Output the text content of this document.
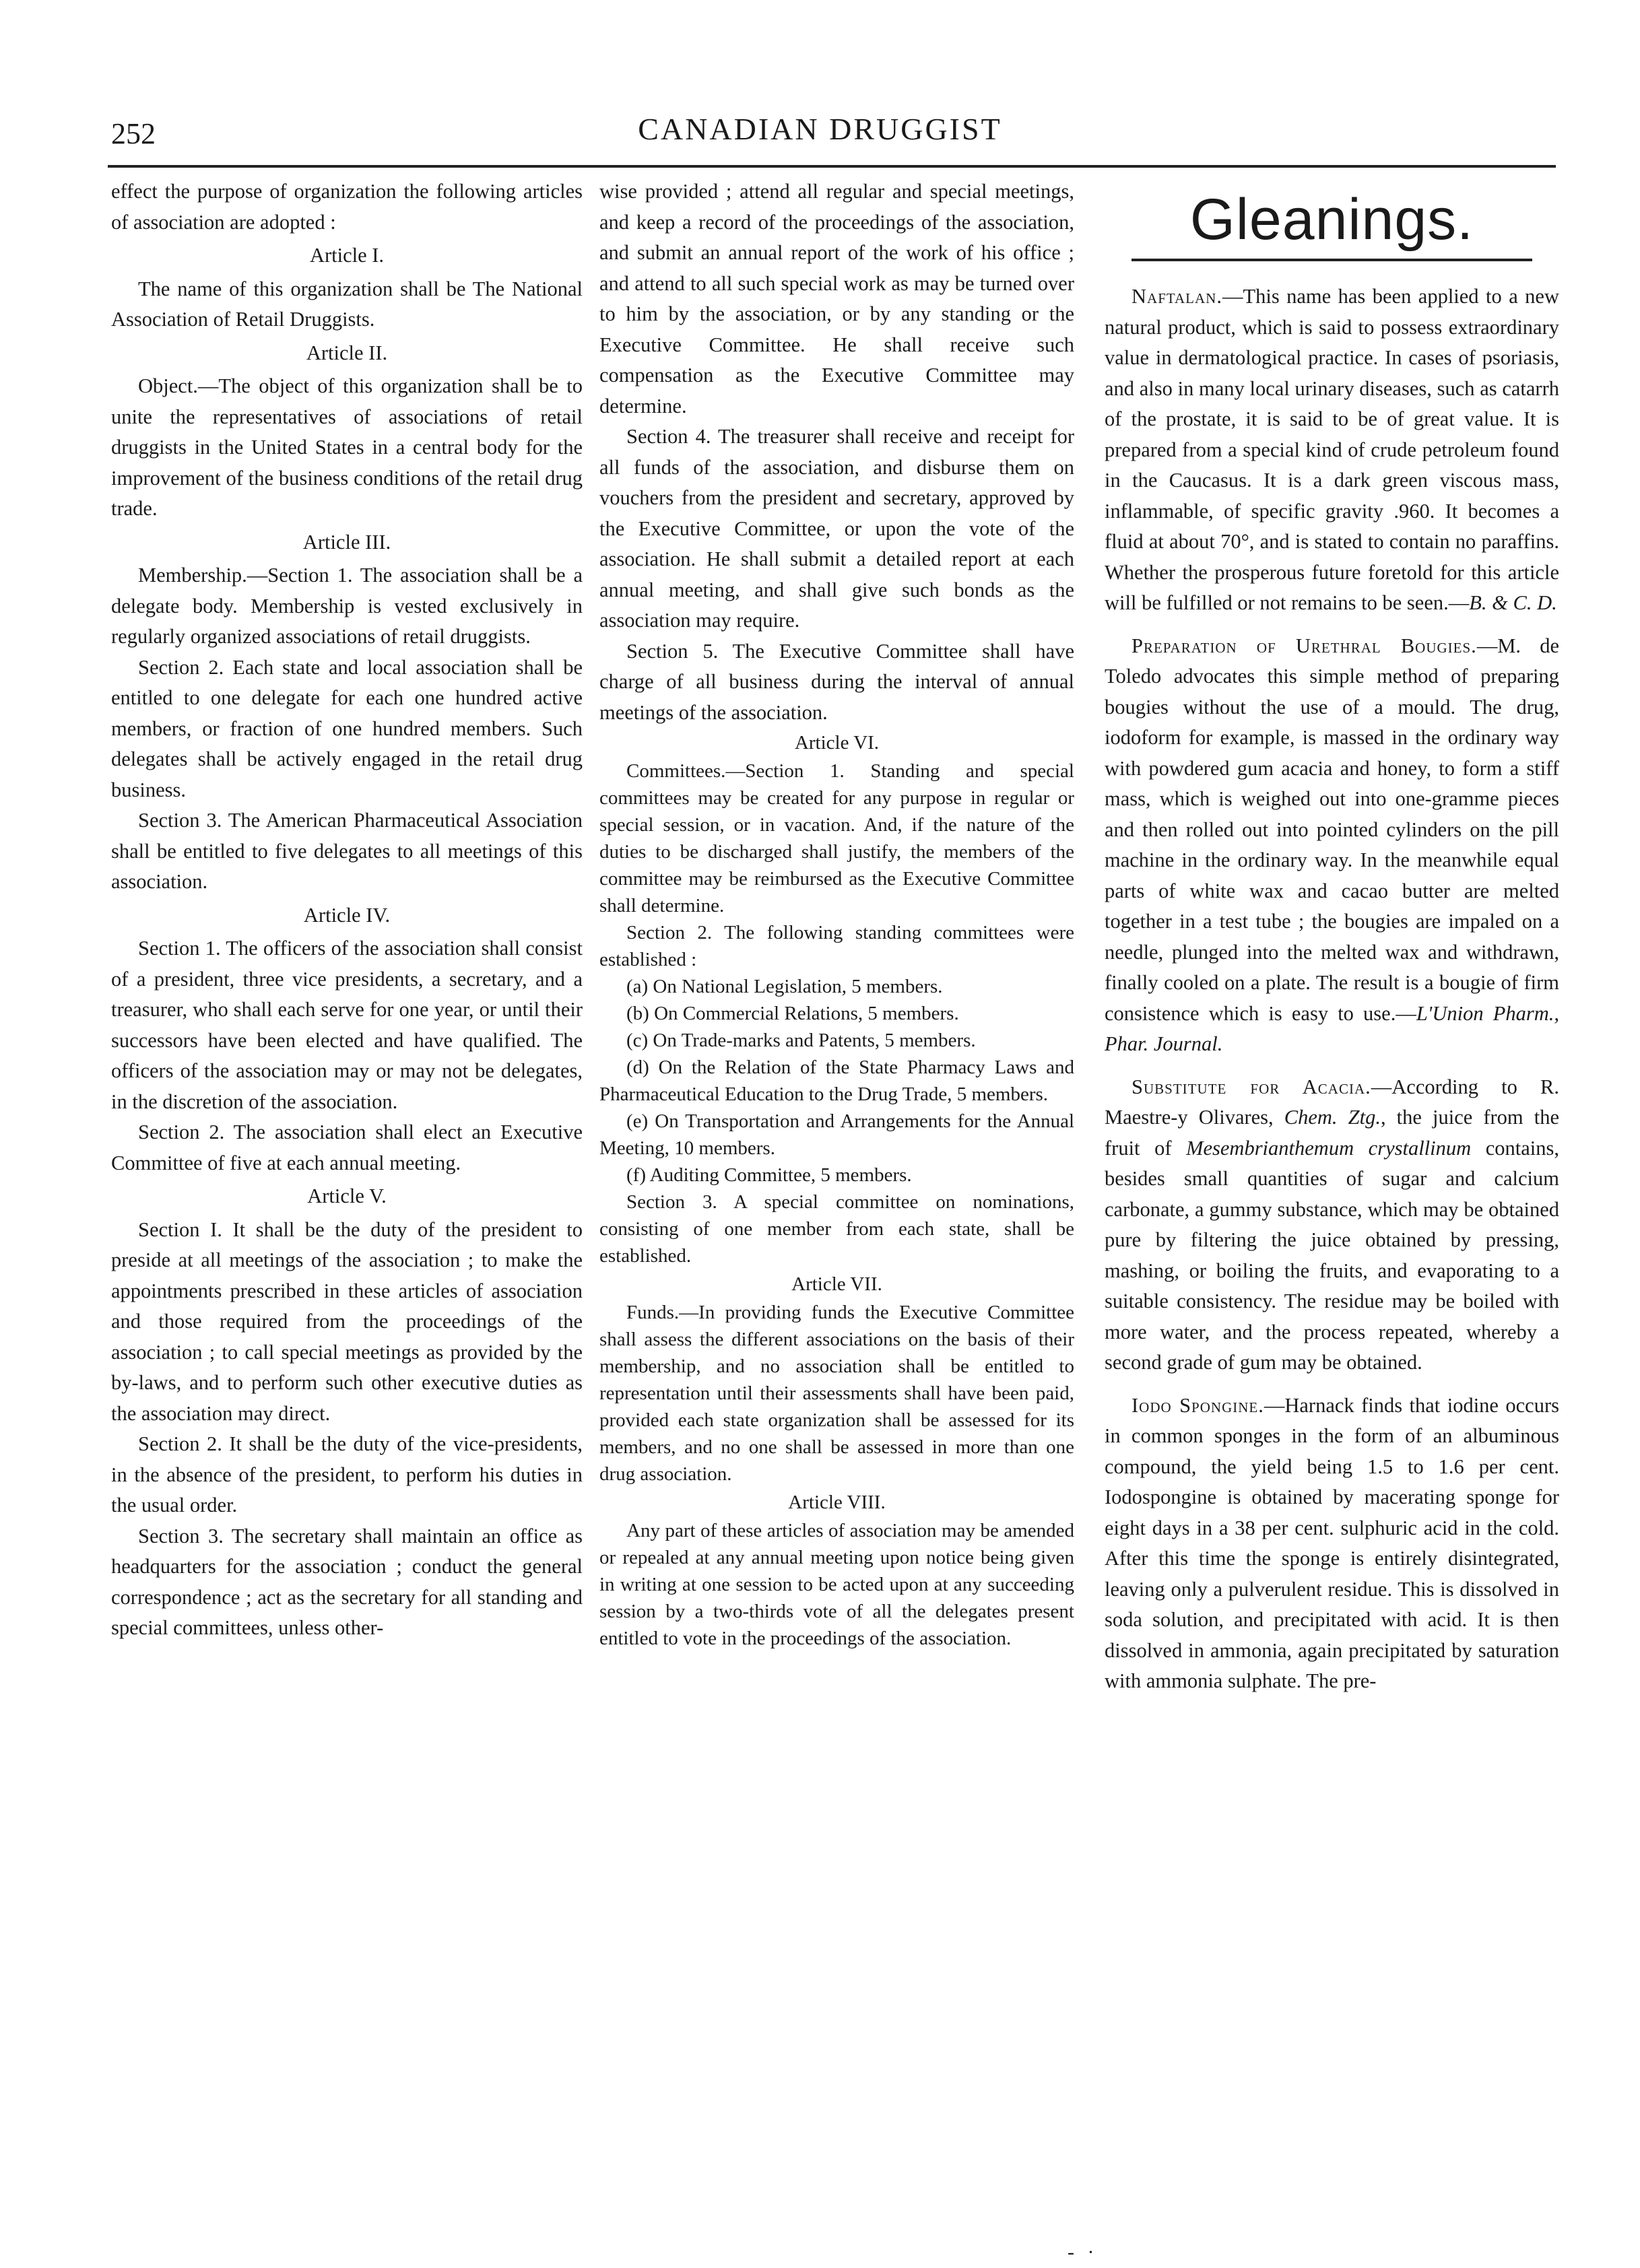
252	CANADIAN DRUGGIST

effect the purpose of organization the following articles of association are adopted :

Article I.

The name of this organization shall be The National Association of Retail Druggists.

Article II.

Object.—The object of this organization shall be to unite the representatives of associations of retail druggists in the United States in a central body for the improvement of the business conditions of the retail drug trade.

Article III.

Membership.—Section 1. The association shall be a delegate body. Membership is vested exclusively in regularly organized associations of retail druggists.

Section 2. Each state and local association shall be entitled to one delegate for each one hundred active members, or fraction of one hundred members. Such delegates shall be actively engaged in the retail drug business.

Section 3. The American Pharmaceutical Association shall be entitled to five delegates to all meetings of this association.

Article IV.

Section 1. The officers of the association shall consist of a president, three vice presidents, a secretary, and a treasurer, who shall each serve for one year, or until their successors have been elected and have qualified. The officers of the association may or may not be delegates, in the discretion of the association.

Section 2. The association shall elect an Executive Committee of five at each annual meeting.

Article V.

Section I. It shall be the duty of the president to preside at all meetings of the association ; to make the appointments prescribed in these articles of association and those required from the proceedings of the association ; to call special meetings as provided by the by-laws, and to perform such other executive duties as the association may direct.

Section 2. It shall be the duty of the vice-presidents, in the absence of the president, to perform his duties in the usual order.

Section 3. The secretary shall maintain an office as headquarters for the association ; conduct the general correspondence ; act as the secretary for all standing and special committees, unless other-

wise provided ; attend all regular and special meetings, and keep a record of the proceedings of the association, and submit an annual report of the work of his office ; and attend to all such special work as may be turned over to him by the association, or by any standing or the Executive Committee. He shall receive such compensation as the Executive Committee may determine.

Section 4. The treasurer shall receive and receipt for all funds of the association, and disburse them on vouchers from the president and secretary, approved by the Executive Committee, or upon the vote of the association. He shall submit a detailed report at each annual meeting, and shall give such bonds as the association may require.

Section 5. The Executive Committee shall have charge of all business during the interval of annual meetings of the association.

Article VI.

Committees.—Section 1. Standing and special committees may be created for any purpose in regular or special session, or in vacation. And, if the nature of the duties to be discharged shall justify, the members of the committee may be reimbursed as the Executive Committee shall determine.

Section 2. The following standing committees were established :

(a) On National Legislation, 5 members.

(b) On Commercial Relations, 5 members.

(c) On Trade-marks and Patents, 5 members.

(d) On the Relation of the State Pharmacy Laws and Pharmaceutical Education to the Drug Trade, 5 members.

(e) On Transportation and Arrangements for the Annual Meeting, 10 members.

(f) Auditing Committee, 5 members.

Section 3. A special committee on nominations, consisting of one member from each state, shall be established.

Article VII.

Funds.—In providing funds the Executive Committee shall assess the different associations on the basis of their membership, and no association shall be entitled to representation until their assessments shall have been paid, provided each state organization shall be assessed for its members, and no one shall be assessed in more than one drug association.

Article VIII.

Any part of these articles of association may be amended or repealed at any annual meeting upon notice being given in writing at one session to be acted upon at any succeeding session by a two-thirds vote of all the delegates present entitled to vote in the proceedings of the association.

Gleanings.

Naftalan.—This name has been applied to a new natural product, which is said to possess extraordinary value in dermatological practice. In cases of psoriasis, and also in many local urinary diseases, such as catarrh of the prostate, it is said to be of great value. It is prepared from a special kind of crude petroleum found in the Caucasus. It is a dark green viscous mass, inflammable, of specific gravity .960. It becomes a fluid at about 70°, and is stated to contain no paraffins. Whether the prosperous future foretold for this article will be fulfilled or not remains to be seen.—B. & C. D.

Preparation of Urethral Bougies.—M. de Toledo advocates this simple method of preparing bougies without the use of a mould. The drug, iodoform for example, is massed in the ordinary way with powdered gum acacia and honey, to form a stiff mass, which is weighed out into one-gramme pieces and then rolled out into pointed cylinders on the pill machine in the ordinary way. In the meanwhile equal parts of white wax and cacao butter are melted together in a test tube ; the bougies are impaled on a needle, plunged into the melted wax and withdrawn, finally cooled on a plate. The result is a bougie of firm consistence which is easy to use.—L'Union Pharm., Phar. Journal.

Substitute for Acacia.—According to R. Maestre-y Olivares, Chem. Ztg., the juice from the fruit of Mesembrianthemum crystallinum contains, besides small quantities of sugar and calcium carbonate, a gummy substance, which may be obtained pure by filtering the juice obtained by pressing, mashing, or boiling the fruits, and evaporating to a suitable consistency. The residue may be boiled with more water, and the process repeated, whereby a second grade of gum may be obtained.

Iodo Spongine.—Harnack finds that iodine occurs in common sponges in the form of an albuminous compound, the yield being 1.5 to 1.6 per cent. Iodospongine is obtained by macerating sponge for eight days in a 38 per cent. sulphuric acid in the cold. After this time the sponge is entirely disintegrated, leaving only a pulverulent residue. This is dissolved in soda solution, and precipitated with acid. It is then dissolved in ammonia, again precipitated by saturation with ammonia sulphate. The pre-

- ·
